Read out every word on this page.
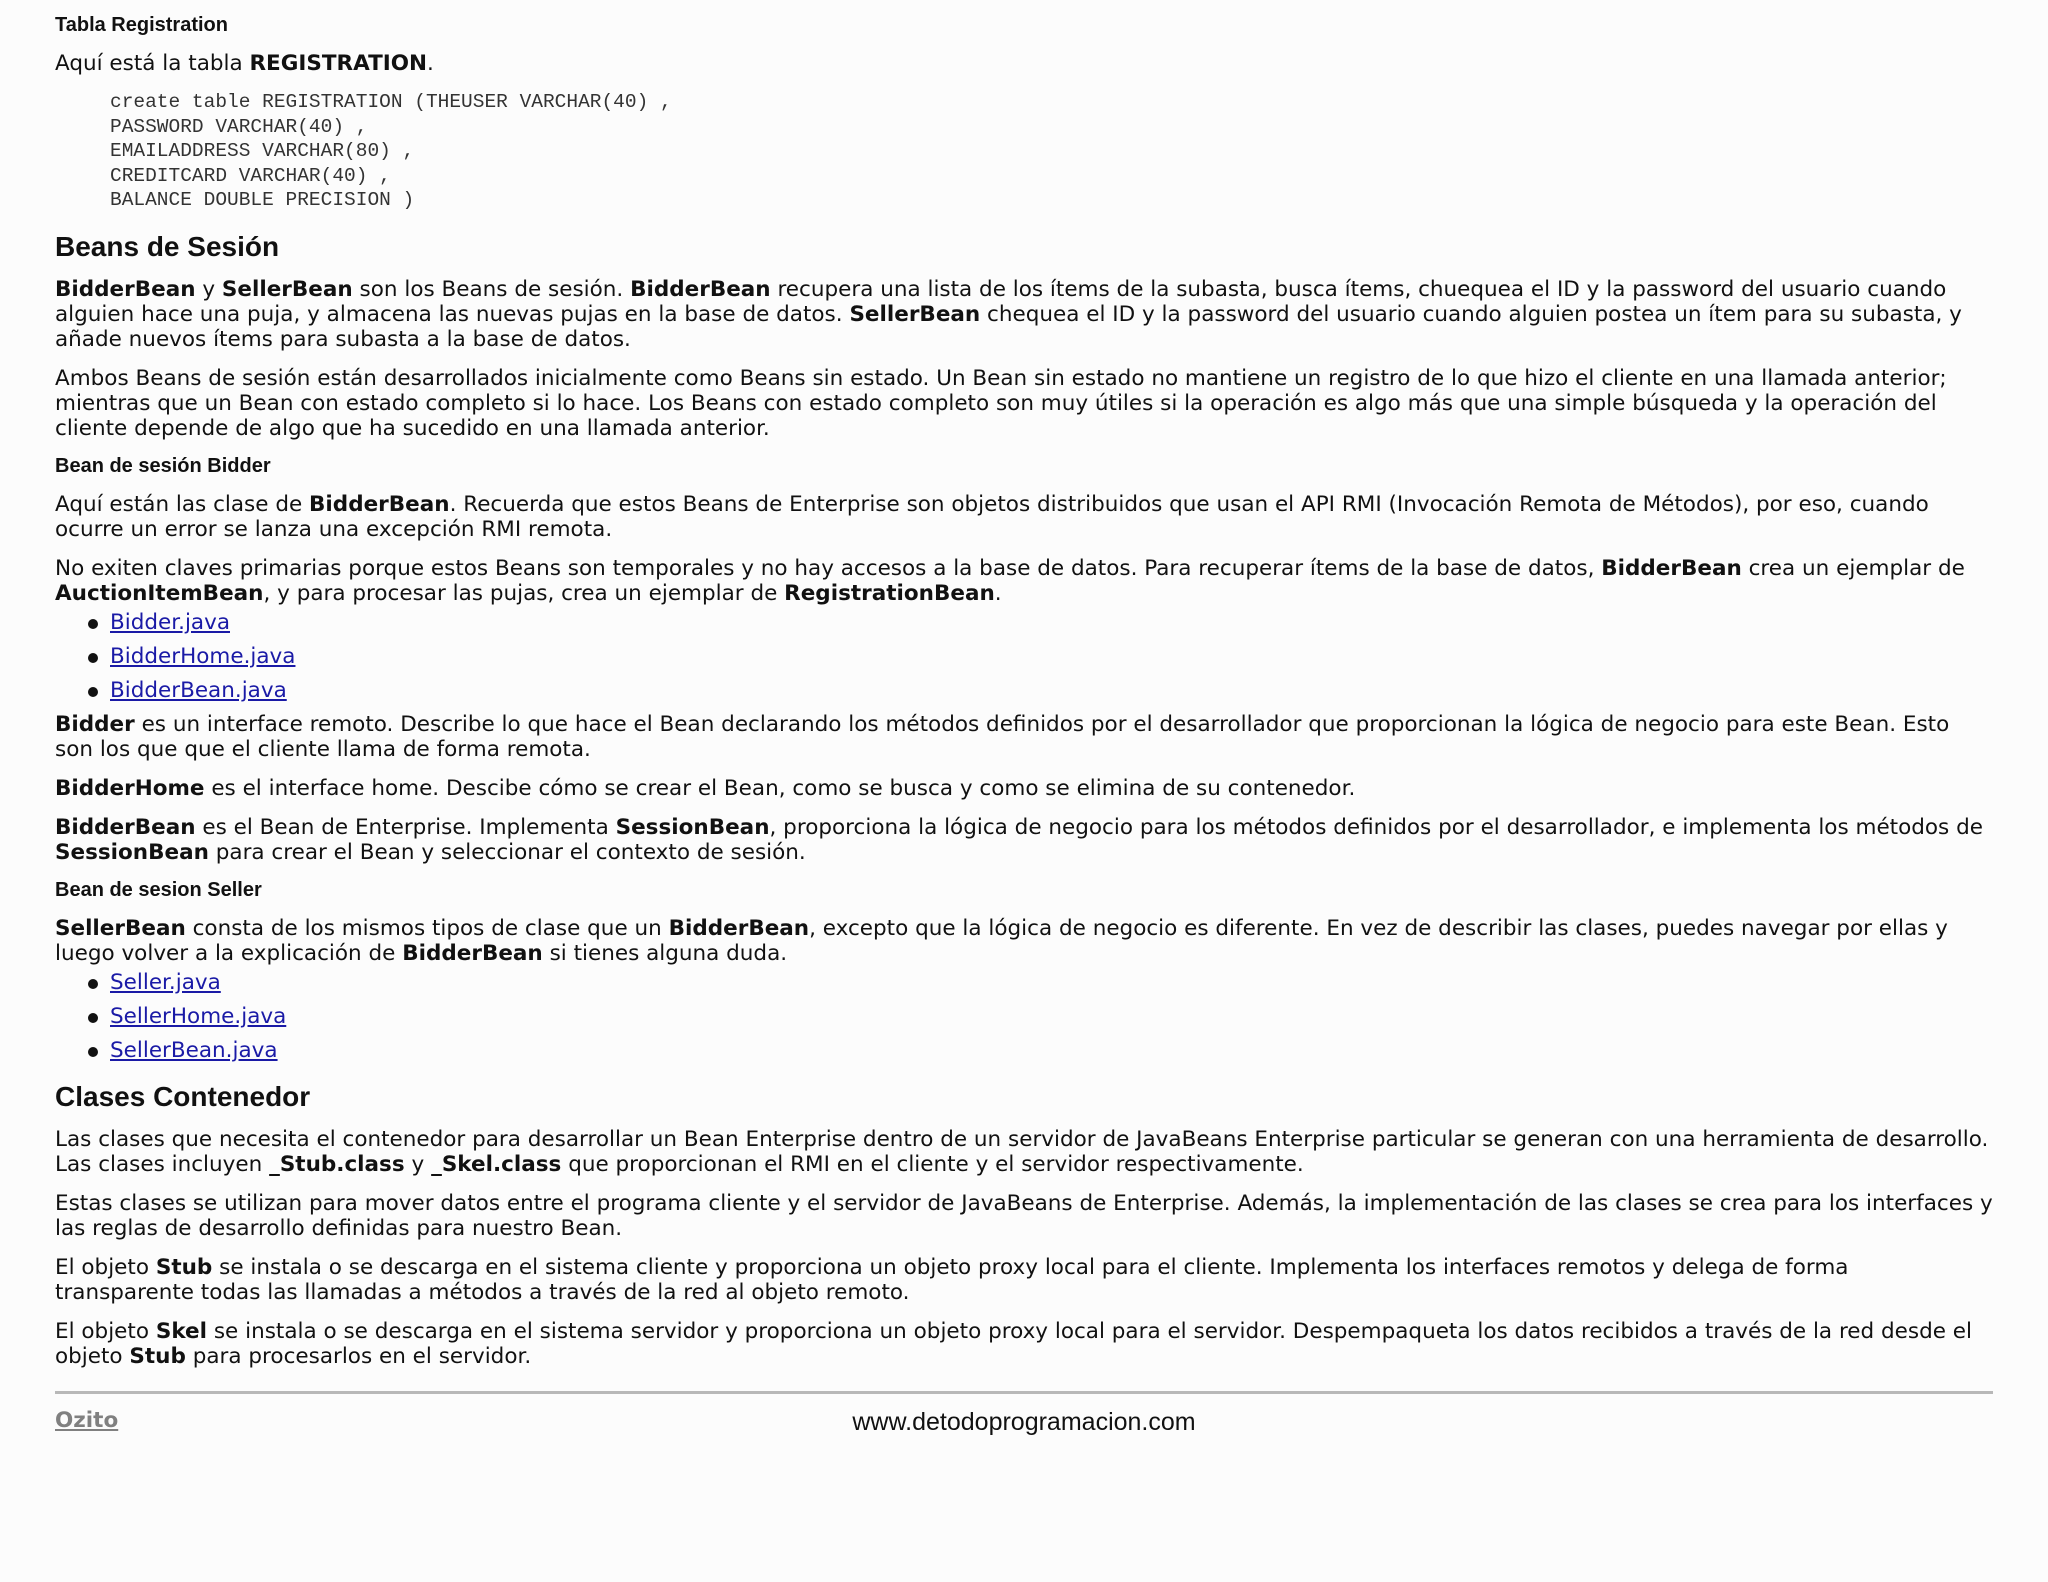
Tabla Registration

Aquí está la tabla REGISTRATION.

create table REGISTRATION (THEUSER VARCHAR(40) ,
PASSWORD VARCHAR(40) ,
EMAILADDRESS VARCHAR(80) ,
CREDITCARD VARCHAR(40) ,
BALANCE DOUBLE PRECISION )
Beans de Sesión

BidderBean y SellerBean son los Beans de sesión. BidderBean recupera una lista de los ítems de la subasta, busca ítems, chuequea el ID y la password del usuario cuando alguien hace una puja, y almacena las nuevas pujas en la base de datos. SellerBean chequea el ID y la password del usuario cuando alguien postea un ítem para su subasta, y añade nuevos ítems para subasta a la base de datos.

Ambos Beans de sesión están desarrollados inicialmente como Beans sin estado. Un Bean sin estado no mantiene un registro de lo que hizo el cliente en una llamada anterior; mientras que un Bean con estado completo si lo hace. Los Beans con estado completo son muy útiles si la operación es algo más que una simple búsqueda y la operación del cliente depende de algo que ha sucedido en una llamada anterior.

Bean de sesión Bidder

Aquí están las clase de BidderBean. Recuerda que estos Beans de Enterprise son objetos distribuidos que usan el API RMI (Invocación Remota de Métodos), por eso, cuando ocurre un error se lanza una excepción RMI remota.

No exiten claves primarias porque estos Beans son temporales y no hay accesos a la base de datos. Para recuperar ítems de la base de datos, BidderBean crea un ejemplar de AuctionItemBean, y para procesar las pujas, crea un ejemplar de RegistrationBean.

Bidder.java
BidderHome.java
BidderBean.java

Bidder es un interface remoto. Describe lo que hace el Bean declarando los métodos definidos por el desarrollador que proporcionan la lógica de negocio para este Bean. Esto son los que que el cliente llama de forma remota.

BidderHome es el interface home. Descibe cómo se crear el Bean, como se busca y como se elimina de su contenedor.

BidderBean es el Bean de Enterprise. Implementa SessionBean, proporciona la lógica de negocio para los métodos definidos por el desarrollador, e implementa los métodos de SessionBean para crear el Bean y seleccionar el contexto de sesión.

Bean de sesion Seller

SellerBean consta de los mismos tipos de clase que un BidderBean, excepto que la lógica de negocio es diferente. En vez de describir las clases, puedes navegar por ellas y luego volver a la explicación de BidderBean si tienes alguna duda.

Seller.java
SellerHome.java
SellerBean.java
Clases Contenedor

Las clases que necesita el contenedor para desarrollar un Bean Enterprise dentro de un servidor de JavaBeans Enterprise particular se generan con una herramienta de desarrollo. Las clases incluyen _Stub.class y _Skel.class que proporcionan el RMI en el cliente y el servidor respectivamente.

Estas clases se utilizan para mover datos entre el programa cliente y el servidor de JavaBeans de Enterprise. Además, la implementación de las clases se crea para los interfaces y las reglas de desarrollo definidas para nuestro Bean.

El objeto Stub se instala o se descarga en el sistema cliente y proporciona un objeto proxy local para el cliente. Implementa los interfaces remotos y delega de forma transparente todas las llamadas a métodos a través de la red al objeto remoto.

El objeto Skel se instala o se descarga en el sistema servidor y proporciona un objeto proxy local para el servidor. Despempaqueta los datos recibidos a través de la red desde el objeto Stub para procesarlos en el servidor.

Ozito	www.detodoprogramacion.com
